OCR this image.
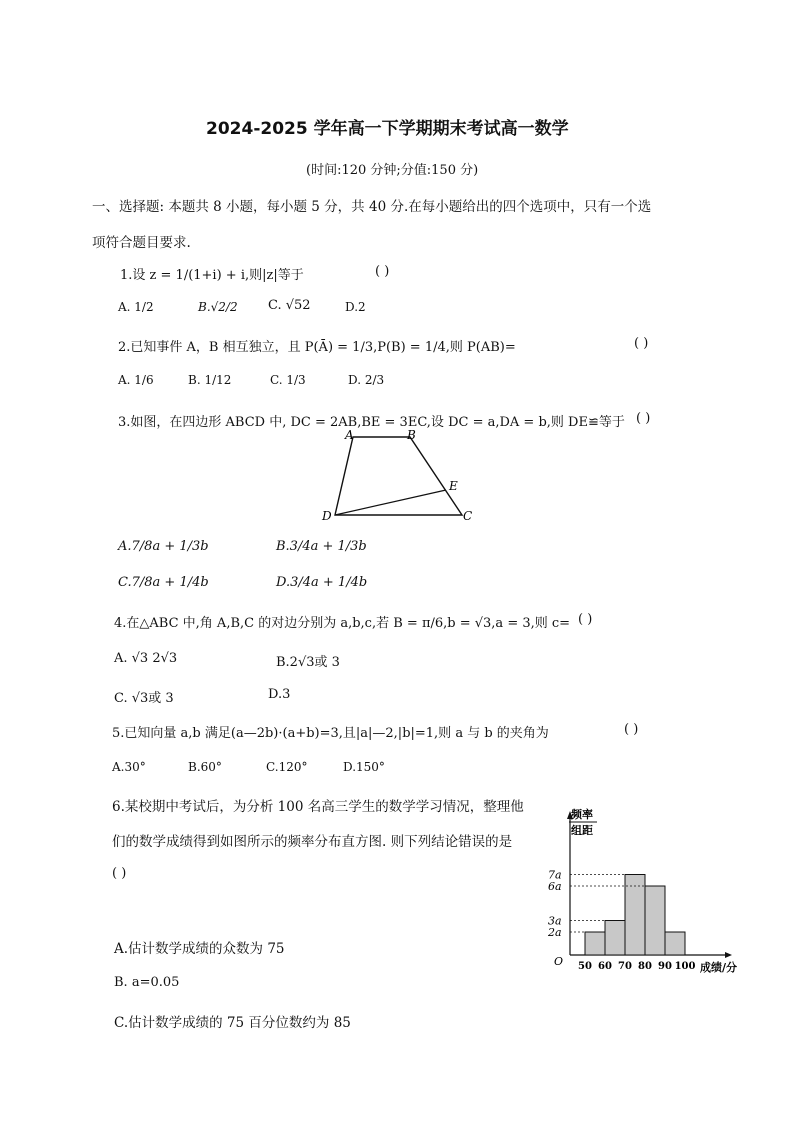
2024-2025 学年高一下学期期末考试高一数学
(时间:120 分钟;分值:150 分)
一、选择题: 本题共 8 小题，每小题 5 分，共 40 分.在每小题给出的四个选项中，只有一个选
项符合题目要求.
1.设 z = 1/(1+i) + i,则|z|等于	( )
A. 1/2	B.√2/2 C. √52	D.2
2.已知事件 A，B 相互独立，且 P(Ā) = 1/3,P(B) = 1/4,则 P(AB)=	( )
A. 1/6	B. 1/12	C. 1/3	D. 2/3
3.如图，在四边形 ABCD 中, DC = 2AB,BE = 3EC,设 DC = a,DA = b,则 DE≌等于 ( )
A	B
C
D
E
A.7/8a + 1/3b	B.3/4a + 1/3b
C.7/8a + 1/4b	D.3/4a + 1/4b
4.在△ABC 中,角 A,B,C 的对边分别为 a,b,c,若 B = π/6,b = √3,a = 3,则 c= ( )
A. √3 2√3	B.2√3或 3
C. √3或 3	D.3
5.已知向量 a,b 满足(a—2b)·(a+b)=3,且|a|—2,|b|=1,则 a 与 b 的夹角为	( )
A.30°	B.60°	C.120°	D.150°
6.某校期中考试后，为分析 100 名高三学生的数学学习情况，整理他
们的数学成绩得到如图所示的频率分布直方图. 则下列结论错误的是
( )
A.估计数学成绩的众数为 75
B. a=0.05
C.估计数学成绩的 75 百分位数约为 85
O	成绩/分
频率
组距
2a
3a
6a
7a
50 60 70 80 90 100
